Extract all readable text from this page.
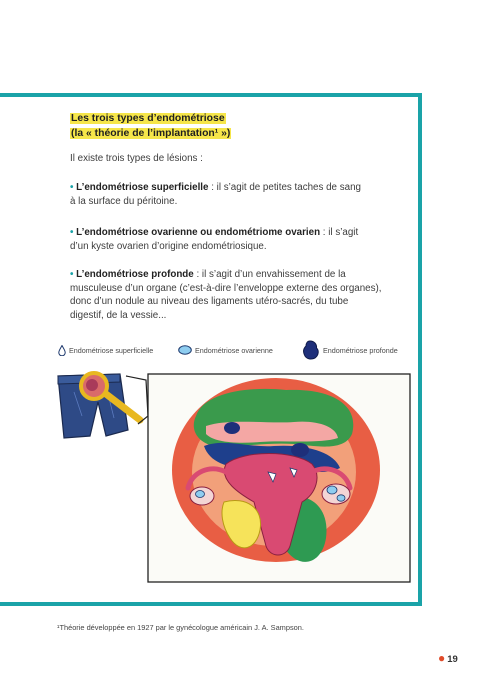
Les trois types d’endométriose
(la « théorie de l’implantation¹ »)
Il existe trois types de lésions :
• L’endométriose superficielle : il s’agit de petites taches de sang
à la surface du péritoine.
• L’endométriose ovarienne ou endométriome ovarien : il s’agit
d’un kyste ovarien d’origine endométriosique.
• L’endométriose profonde : il s’agit d’un envahissement de la
musculeuse d’un organe (c’est-à-dire l’enveloppe externe des organes),
donc d’un nodule au niveau des ligaments utéro-sacrés, du tube
digestif, de la vessie...
Endométriose superficielle	Endométriose ovarienne	Endométriose profonde
¹Théorie développée en 1927 par le gynécologue américain J. A. Sampson.
● 19
